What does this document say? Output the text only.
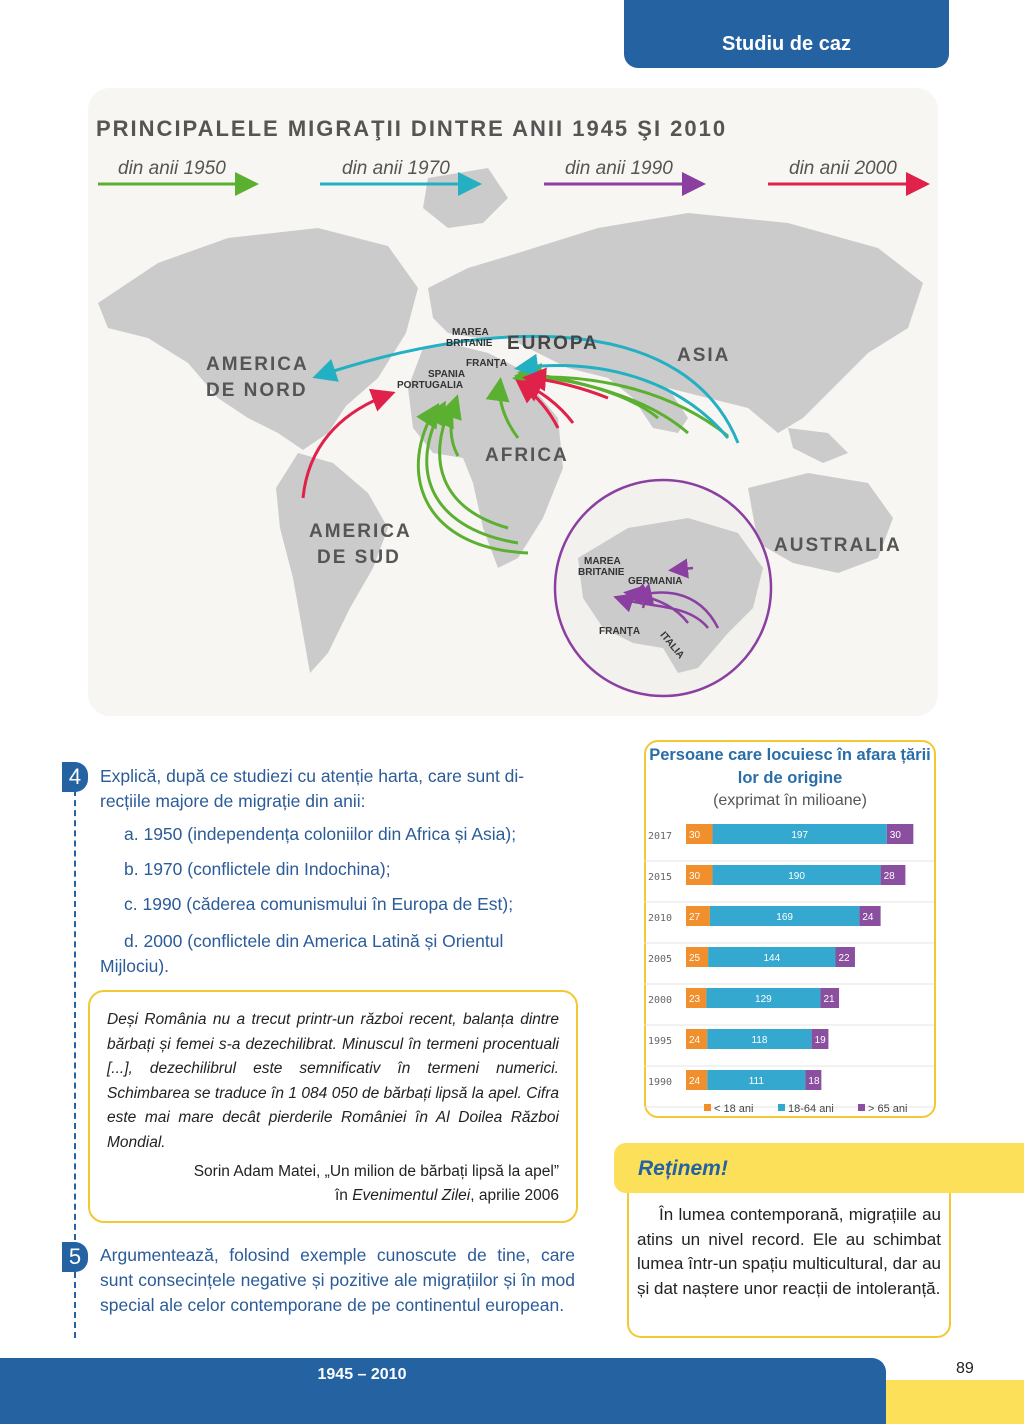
Studiu de caz
PRINCIPALELE MIGRAŢII DINTRE ANII 1945 ŞI 2010
din anii 1950	din anii 1970	din anii 1990	din anii 2000
AMERICA
DE NORD
AMERICA
DE SUD
EUROPA
ASIA
AFRICA
AUSTRALIA
MAREA
BRITANIE
FRANŢA
SPANIA
PORTUGALIA
MAREA
BRITANIE
GERMANIA
FRANŢA ITALIA
4	Explică, după ce studiezi cu atenție harta, care sunt di-
recțiile majore de migrație din anii:
a. 1950 (independența coloniilor din Africa și Asia);
b. 1970 (conflictele din Indochina);
c. 1990 (căderea comunismului în Europa de Est);
d. 2000 (conflictele din America Latină și Orientul
Mijlociu).
Deși România nu a trecut printr-un război recent, balanța dintre bărbați și femei s-a dezechilibrat. Minuscul în termeni procentuali [...], dezechilibrul este semnificativ în termeni numerici. Schimbarea se traduce în 1 084 050 de bărbați lipsă la apel. Cifra este mai mare decât pierderile României în Al Doilea Război Mondial.
Sorin Adam Matei, „Un milion de bărbați lipsă la apel”
în Evenimentul Zilei, aprilie 2006
5	Argumentează, folosind exemple cunoscute de tine, care sunt consecințele negative și pozitive ale migrațiilor și în mod special ale celor contemporane de pe continentul european.
Persoane care locuiesc în afara țării lor de origine
(exprimat în milioane)
2017 30	197	30
2015 30	190	28
2010 27	169	24
2005 25	144	22
2000 23	129	21
1995 24	118	19
1990 24	111	18
< 18 ani	18-64 ani	> 65 ani
Reținem!
În lumea contemporană, migrațiile au atins un nivel record. Ele au schimbat lumea într-un spațiu multicultural, dar au și dat naștere unor reacții de intoleranță.
1945 – 2010	89
